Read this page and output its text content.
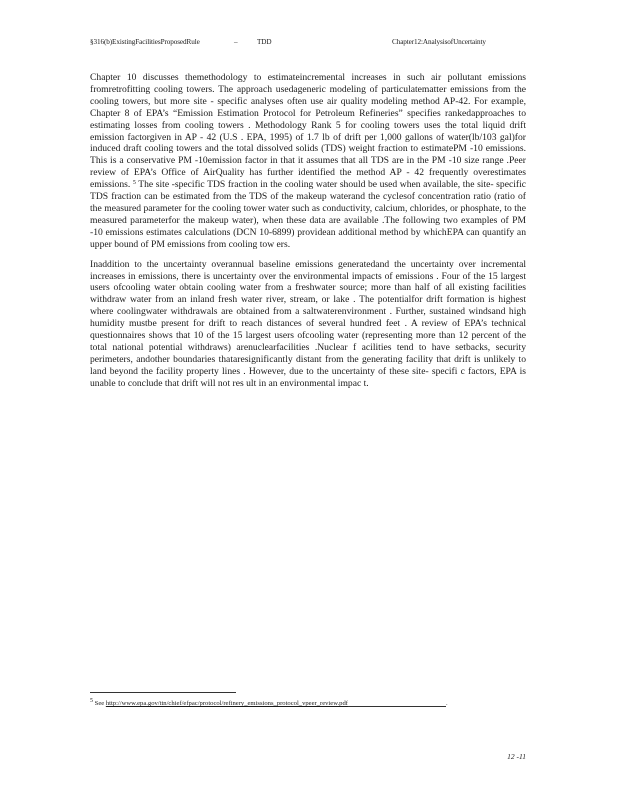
§316(b)ExistingFacilitiesProposedRule	–	TDD	Chapter12:AnalysisofUncertainty

Chapter 10 discusses themethodology to estimateincremental increases in such air pollutant emissions fromretrofitting cooling towers. The approach usedageneric modeling of particulatematter emissions from the cooling towers, but more site - specific analyses often use air quality modeling method AP-42. For example, Chapter 8 of EPA’s “Emission Estimation Protocol for Petroleum Refineries” specifies rankedapproaches to estimating losses from cooling towers . Methodology Rank 5 for cooling towers uses the total liquid drift emission factorgiven in AP - 42 (U.S . EPA, 1995) of 1.7 lb of drift per 1,000 gallons of water(lb/103 gal)for induced draft cooling towers and the total dissolved solids (TDS) weight fraction to estimatePM -10 emissions. This is a conservative PM -10emission factor in that it assumes that all TDS are in the PM -10 size range .Peer review of EPA’s Office of AirQuality has further identified the method AP - 42 frequently overestimates emissions. $^5$ The site -specific TDS fraction in the cooling water should be used when available, the site- specific TDS fraction can be estimated from the TDS of the makeup waterand the cyclesof concentration ratio (ratio of the measured parameter for the cooling tower water such as conductivity, calcium, chlorides, or phosphate, to the measured parameterfor the makeup water), when these data are available .The following two examples of PM -10 emissions estimates calculations (DCN 10-6899) providean additional method by whichEPA can quantify an upper bound of PM emissions from cooling tow ers.

Inaddition to the uncertainty overannual baseline emissions generatedand the uncertainty over incremental increases in emissions, there is uncertainty over the environmental impacts of emissions . Four of the 15 largest users ofcooling water obtain cooling water from a freshwater source; more than half of all existing facilities withdraw water from an inland fresh water river, stream, or lake . The potentialfor drift formation is highest where coolingwater withdrawals are obtained from a saltwaterenvironment . Further, sustained windsand high humidity mustbe present for drift to reach distances of several hundred feet . A review of EPA’s technical questionnaires shows that 10 of the 15 largest users ofcooling water (representing more than 12 percent of the total national potential withdraws) arenuclearfacilities .Nuclear f acilities tend to have setbacks, security perimeters, andother boundaries thataresignificantly distant from the generating facility that drift is unlikely to land beyond the facility property lines . However, due to the uncertainty of these site- specifi c factors, EPA is unable to conclude that drift will not res ult in an environmental impac t.

$^5$ See http://www.epa.gov/ttn/chief/efpac/protocol/refinery_emissions_protocol_vpeer_review.pdf	.
12 -11
